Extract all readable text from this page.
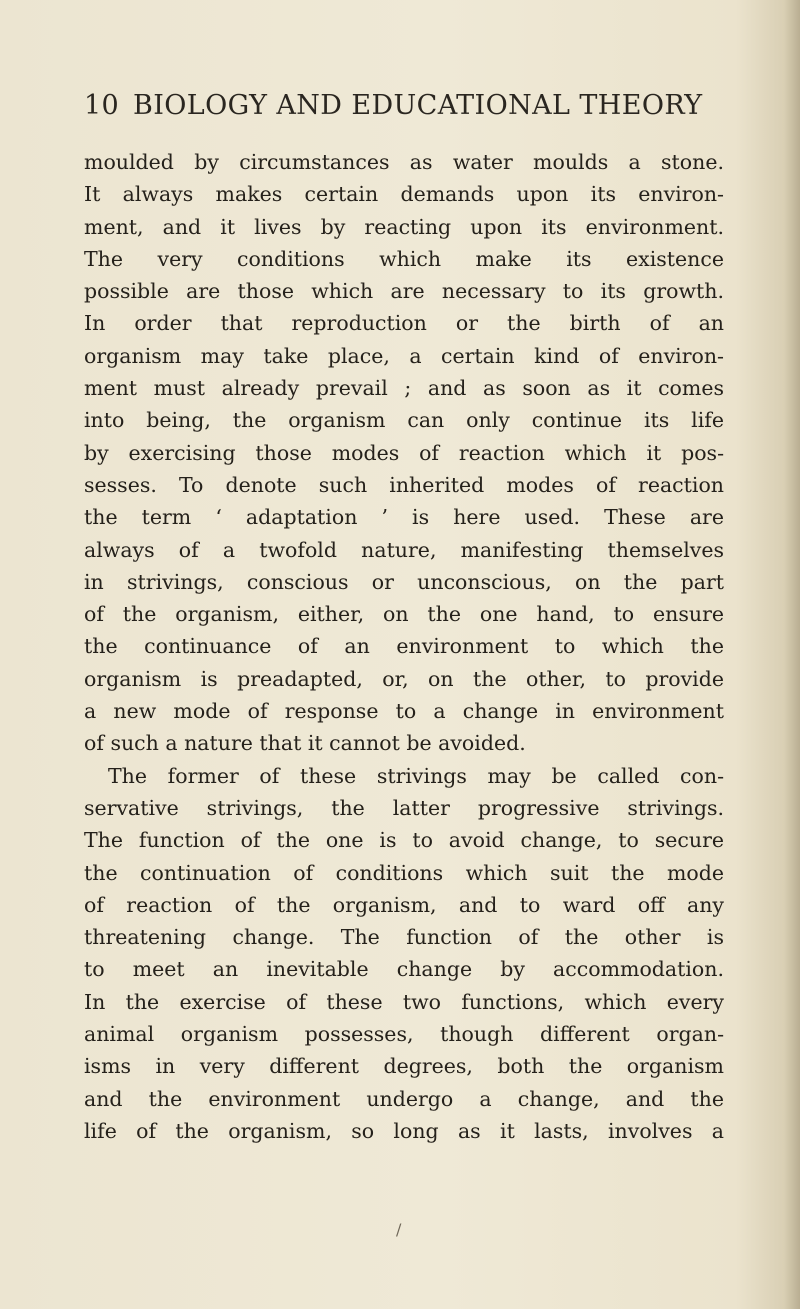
10 BIOLOGY AND EDUCATIONAL THEORY
moulded by circumstances as water moulds a stone.
It always makes certain demands upon its environ-
ment, and it lives by reacting upon its environment.
The very conditions which make its existence
possible are those which are necessary to its growth.
In order that reproduction or the birth of an
organism may take place, a certain kind of environ-
ment must already prevail ; and as soon as it comes
into being, the organism can only continue its life
by exercising those modes of reaction which it pos-
sesses. To denote such inherited modes of reaction
the term ‘ adaptation ’ is here used. These are
always of a twofold nature, manifesting themselves
in strivings, conscious or unconscious, on the part
of the organism, either, on the one hand, to ensure
the continuance of an environment to which the
organism is preadapted, or, on the other, to provide
a new mode of response to a change in environment
of such a nature that it cannot be avoided.
The former of these strivings may be called con-
servative strivings, the latter progressive strivings.
The function of the one is to avoid change, to secure
the continuation of conditions which suit the mode
of reaction of the organism, and to ward off any
threatening change. The function of the other is
to meet an inevitable change by accommodation.
In the exercise of these two functions, which every
animal organism possesses, though different organ-
isms in very different degrees, both the organism
and the environment undergo a change, and the
life of the organism, so long as it lasts, involves a
/
